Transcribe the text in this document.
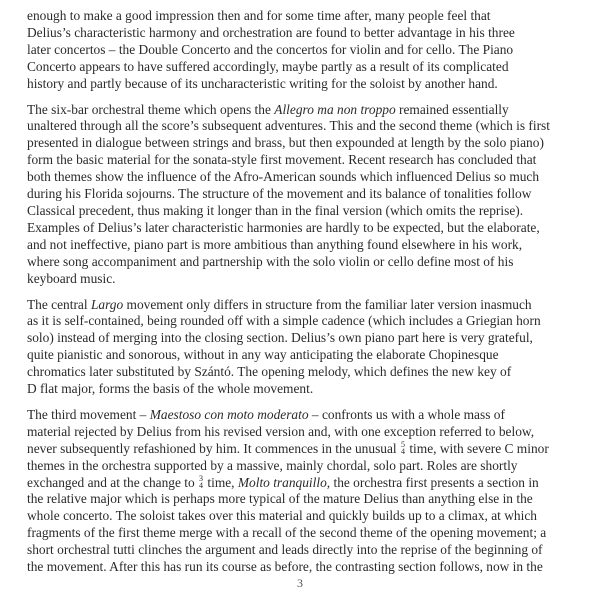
enough to make a good impression then and for some time after, many people feel that
Delius’s characteristic harmony and orchestration are found to better advantage in his three
later concertos – the Double Concerto and the concertos for violin and for cello. The Piano
Concerto appears to have suffered accordingly, maybe partly as a result of its complicated
history and partly because of its uncharacteristic writing for the soloist by another hand.

The six-bar orchestral theme which opens the Allegro ma non troppo remained essentially
unaltered through all the score’s subsequent adventures. This and the second theme (which is first
presented in dialogue between strings and brass, but then expounded at length by the solo piano)
form the basic material for the sonata-style first movement. Recent research has concluded that
both themes show the influence of the Afro-American sounds which influenced Delius so much
during his Florida sojourns. The structure of the movement and its balance of tonalities follow
Classical precedent, thus making it longer than in the final version (which omits the reprise).
Examples of Delius’s later characteristic harmonies are hardly to be expected, but the elaborate,
and not ineffective, piano part is more ambitious than anything found elsewhere in his work,
where song accompaniment and partnership with the solo violin or cello define most of his
keyboard music.

The central Largo movement only differs in structure from the familiar later version inasmuch
as it is self-contained, being rounded off with a simple cadence (which includes a Griegian horn
solo) instead of merging into the closing section. Delius’s own piano part here is very grateful,
quite pianistic and sonorous, without in any way anticipating the elaborate Chopinesque
chromatics later substituted by Szántó. The opening melody, which defines the new key of
D flat major, forms the basis of the whole movement.

The third movement – Maestoso con moto moderato – confronts us with a whole mass of
material rejected by Delius from his revised version and, with one exception referred to below,
never subsequently refashioned by him. It commences in the unusual 5
4 time, with severe C minor
themes in the orchestra supported by a massive, mainly chordal, solo part. Roles are shortly
exchanged and at the change to 3
4 time, Molto tranquillo, the orchestra first presents a section in
the relative major which is perhaps more typical of the mature Delius than anything else in the
whole concerto. The soloist takes over this material and quickly builds up to a climax, at which
fragments of the first theme merge with a recall of the second theme of the opening movement; a
short orchestral tutti clinches the argument and leads directly into the reprise of the beginning of
the movement. After this has run its course as before, the contrasting section follows, now in the

3
